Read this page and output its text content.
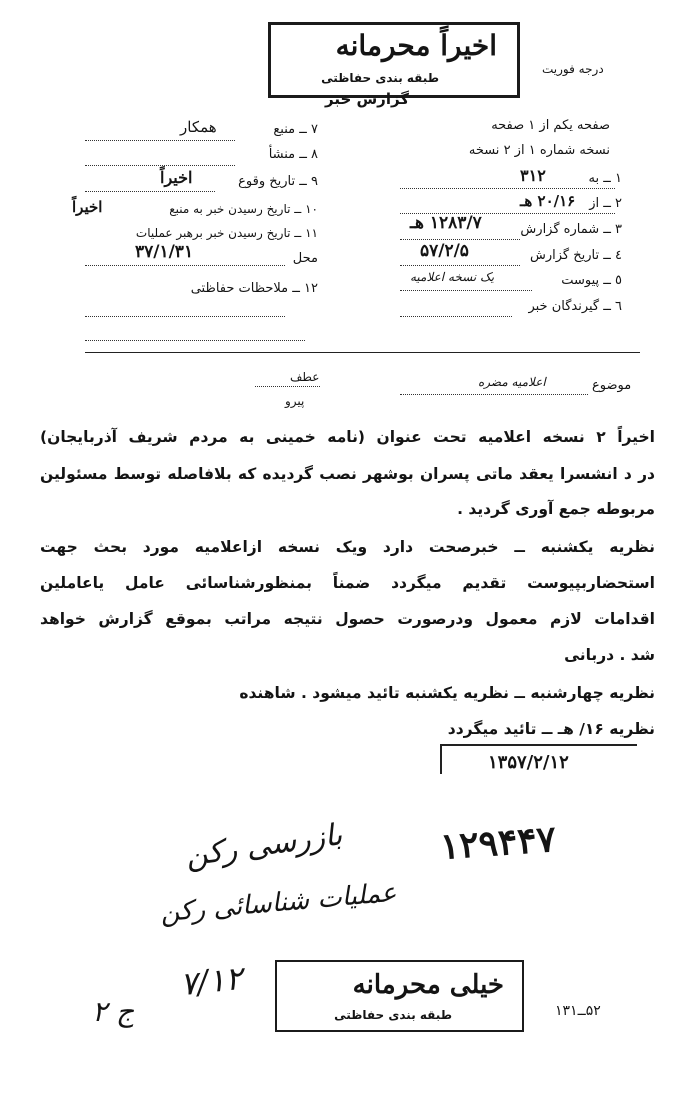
اخیراً محرمانه
طبقه بندی حفاظتی
درجه فوریت
گزارش خبر
صفحه یکم از ۱ صفحه
نسخه شماره ۱ از ۲ نسخه
۱ ــ به
۳۱۲
۲ ــ از
۲۰/۱۶ هـ
۳ ــ شماره گزارش
۱۲۸۳/۷ هـ
٤ ــ تاریخ گزارش
۵۷/۲/۵
٥ ــ پیوست
یک نسخه اعلامیه
٦ ــ گیرندگان خبر
۷ ــ منبع
همکار
۸ ــ منشأ
۹ ــ تاریخ وقوع
اخیراً
۱۰ ــ تاریخ رسیدن خبر به منبع
اخیراً
۱۱ ــ تاریخ رسیدن خبر برهبر عملیات
محل
۳۷/۱/۳۱
۱۲ ــ ملاحظات حفاظتی
عطف
پیرو
موضوع
اعلامیه مضره
اخیراً ۲ نسخه اعلامیه تحت عنوان (نامه خمینی به مردم شریف آذربایجان)
در د انشسرا یعقد ماتی پسران بوشهر نصب گردیده که بلافاصله توسط مسئولین
مربوطه جمع آوری گردید .
نظریه یکشنبه ــ خبرصحت دارد ویک نسخه ازاعلامیه مورد بحث جهت
استحضاربپیوست تقدیم میگردد ضمناً بمنظورشناسائی عامل یاعاملین
اقدامات لازم معمول ودرصورت حصول نتیجه مراتب بموقع گزارش خواهد
شد . دربانی
نظریه چهارشنبه ــ نظریه یکشنبه تائید میشود . شاهنده
نظریه ۱۶/ هـ ــ تائید میگردد
۱۳۵۷/۲/۱۲
۱۲۹۴۴۷
بازرسی رکن
عملیات شناسائی رکن
۷/۱۲
ج ۲
خیلی محرمانه
طبقه بندی حفاظتی	۵۲ــ۱۳۱
